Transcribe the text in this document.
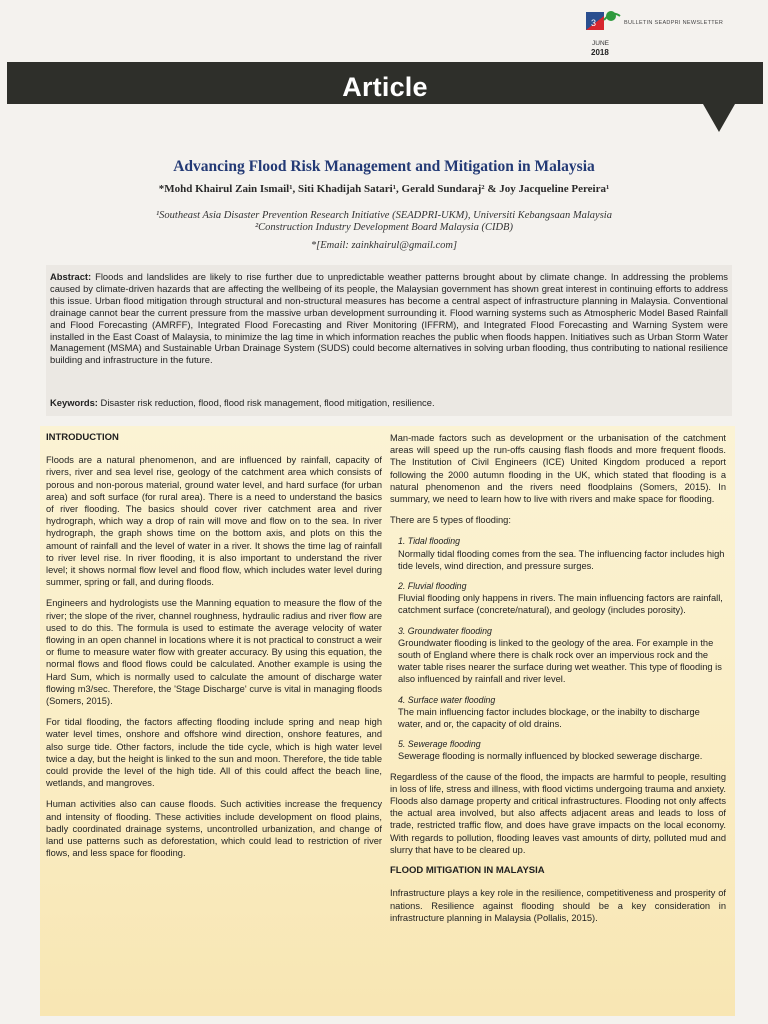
3	BULLETIN SEADPRI NEWSLETTER
JUNE
2018
Article
Advancing Flood Risk Management and Mitigation in Malaysia
*Mohd Khairul Zain Ismail¹, Siti Khadijah Satari¹, Gerald Sundaraj² & Joy Jacqueline Pereira¹
¹Southeast Asia Disaster Prevention Research Initiative (SEADPRI-UKM), Universiti Kebangsaan Malaysia
²Construction Industry Development Board Malaysia (CIDB)
*[Email: zainkhairul@gmail.com]
Abstract: Floods and landslides are likely to rise further due to unpredictable weather patterns brought about by climate change. In addressing the problems caused by climate-driven hazards that are affecting the wellbeing of its people, the Malaysian government has shown great interest in continuing efforts to address this issue. Urban flood mitigation through structural and non-structural measures has become a central aspect of infrastructure planning in Malaysia. Conventional drainage cannot bear the current pressure from the massive urban development surrounding it. Flood warning systems such as Atmospheric Model Based Rainfall and Flood Forecasting (AMRFF), Integrated Flood Forecasting and River Monitoring (IFFRM), and Integrated Flood Forecasting and Warning System were installed in the East Coast of Malaysia, to minimize the lag time in which information reaches the public when floods happen. Initiatives such as Urban Storm Water Management (MSMA) and Sustainable Urban Drainage System (SUDS) could become alternatives in solving urban flooding, thus contributing to national resilience building and infrastructure in the future.
Keywords: Disaster risk reduction, flood, flood risk management, flood mitigation, resilience.
INTRODUCTION

Floods are a natural phenomenon, and are influenced by rainfall, capacity of rivers, river and sea level rise, geology of the catchment area which consists of porous and non-porous material, ground water level, and hard surface (for urban area) and soft surface (for rural area). There is a need to understand the basics of river flooding. The basics should cover river catchment area and river hydrograph, which way a drop of rain will move and flow on to the sea. In river hydrograph, the graph shows time on the bottom axis, and plots on this the amount of rainfall and the level of water in a river. It shows the time lag of rainfall to river level rise. In river flooding, it is also important to understand the river level; it shows normal flow level and flood flow, which includes water level during summer, spring or fall, and during floods.

Engineers and hydrologists use the Manning equation to measure the flow of the river; the slope of the river, channel roughness, hydraulic radius and river flow are used to do this. The formula is used to estimate the average velocity of water flowing in an open channel in locations where it is not practical to construct a weir or flume to measure water flow with greater accuracy. By using this equation, the normal flows and flood flows could be calculated. Another example is using the Hard Sum, which is normally used to calculate the amount of discharge water flowing m3/sec. Therefore, the 'Stage Discharge' curve is vital in managing floods (Somers, 2015).

For tidal flooding, the factors affecting flooding include spring and neap high water level times, onshore and offshore wind direction, onshore features, and also surge tide. Other factors, include the tide cycle, which is high water level twice a day, but the height is linked to the sun and moon. Therefore, the tide table could provide the level of the high tide. All of this could affect the beach line, wetlands, and mangroves.

Human activities also can cause floods. Such activities increase the frequency and intensity of flooding. These activities include development on flood plains, badly coordinated drainage systems, uncontrolled urbanization, and change of land use patterns such as deforestation, which could lead to restriction of river flows, and less space for flooding.

Man-made factors such as development or the urbanisation of the catchment areas will speed up the run-offs causing flash floods and more frequent floods. The Institution of Civil Engineers (ICE) United Kingdom produced a report following the 2000 autumn flooding in the UK, which stated that flooding is a natural phenomenon and the rivers need floodplains (Somers, 2015). In summary, we need to learn how to live with rivers and make space for flooding.

There are 5 types of flooding:

1. Tidal flooding
Normally tidal flooding comes from the sea. The influencing factor includes high tide levels, wind direction, and pressure surges.
2. Fluvial flooding
Fluvial flooding only happens in rivers. The main influencing factors are rainfall, catchment surface (concrete/natural), and geology (includes porosity).
3. Groundwater flooding
Groundwater flooding is linked to the geology of the area. For example in the south of England where there is chalk rock over an impervious rock and the water table rises nearer the surface during wet weather. This type of flooding is also influenced by rainfall and river level.
4. Surface water flooding
The main influencing factor includes blockage, or the inabilty to discharge water, and or, the capacity of old drains.
5. Sewerage flooding
Sewerage flooding is normally influenced by blocked sewerage discharge.

Regardless of the cause of the flood, the impacts are harmful to people, resulting in loss of life, stress and illness, with flood victims undergoing trauma and anxiety. Floods also damage property and critical infrastructures. Flooding not only affects the actual area involved, but also affects adjacent areas and leads to loss of trade, restricted traffic flow, and does have grave impacts on the local economy. With regards to pollution, flooding leaves vast amounts of dirty, polluted mud and slurry that have to be cleared up.

FLOOD MITIGATION IN MALAYSIA

Infrastructure plays a key role in the resilience, competitiveness and prosperity of nations. Resilience against flooding should be a key consideration in infrastructure planning in Malaysia (Pollalis, 2015).
